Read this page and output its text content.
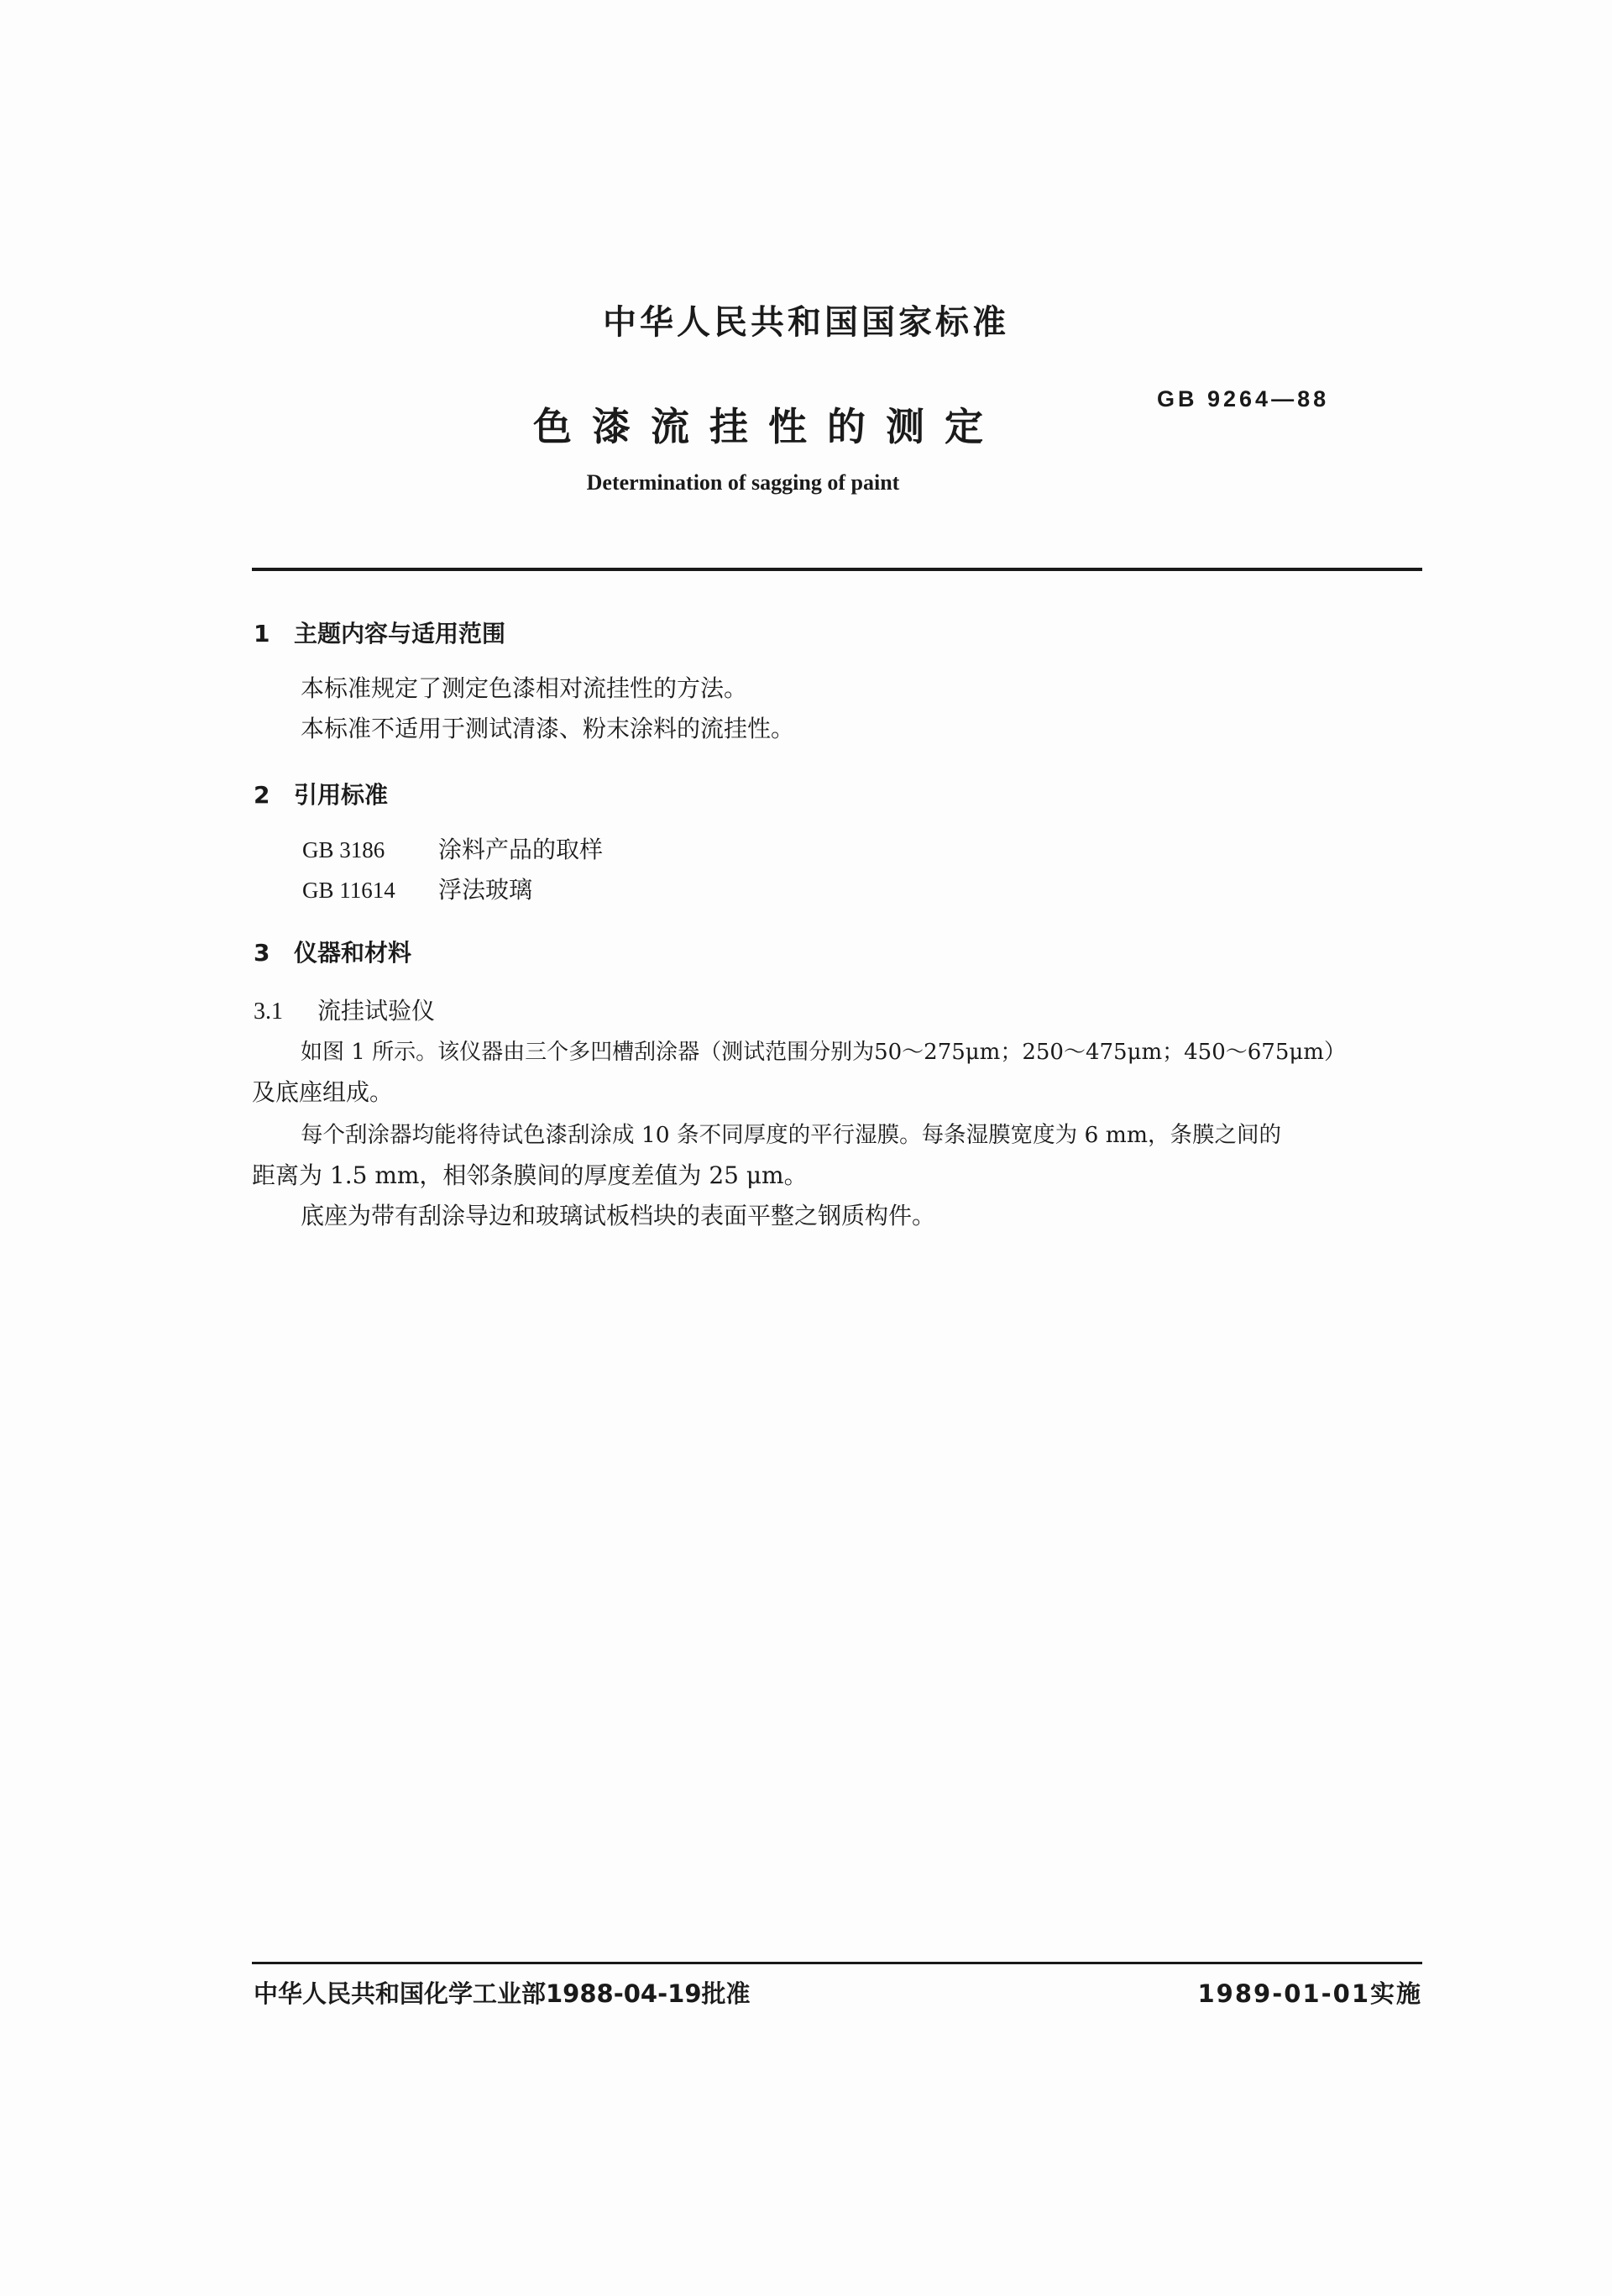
中华人民共和国国家标准
色漆流挂性的测定
GB 9264—88
Determination of sagging of paint
1 主题内容与适用范围
本标准规定了测定色漆相对流挂性的方法。
本标准不适用于测试清漆、粉末涂料的流挂性。
2 引用标准
GB 3186 涂料产品的取样
GB 11614 浮法玻璃
3 仪器和材料
3.1 流挂试验仪
如图 1 所示。该仪器由三个多凹槽刮涂器（测试范围分别为50～275μm；250～475μm；450～675μm）
及底座组成。
每个刮涂器均能将待试色漆刮涂成 10 条不同厚度的平行湿膜。每条湿膜宽度为 6 mm，条膜之间的
距离为 1.5 mm，相邻条膜间的厚度差值为 25 μm。
底座为带有刮涂导边和玻璃试板档块的表面平整之钢质构件。
中华人民共和国化学工业部1988-04-19批准	1989-01-01实施
